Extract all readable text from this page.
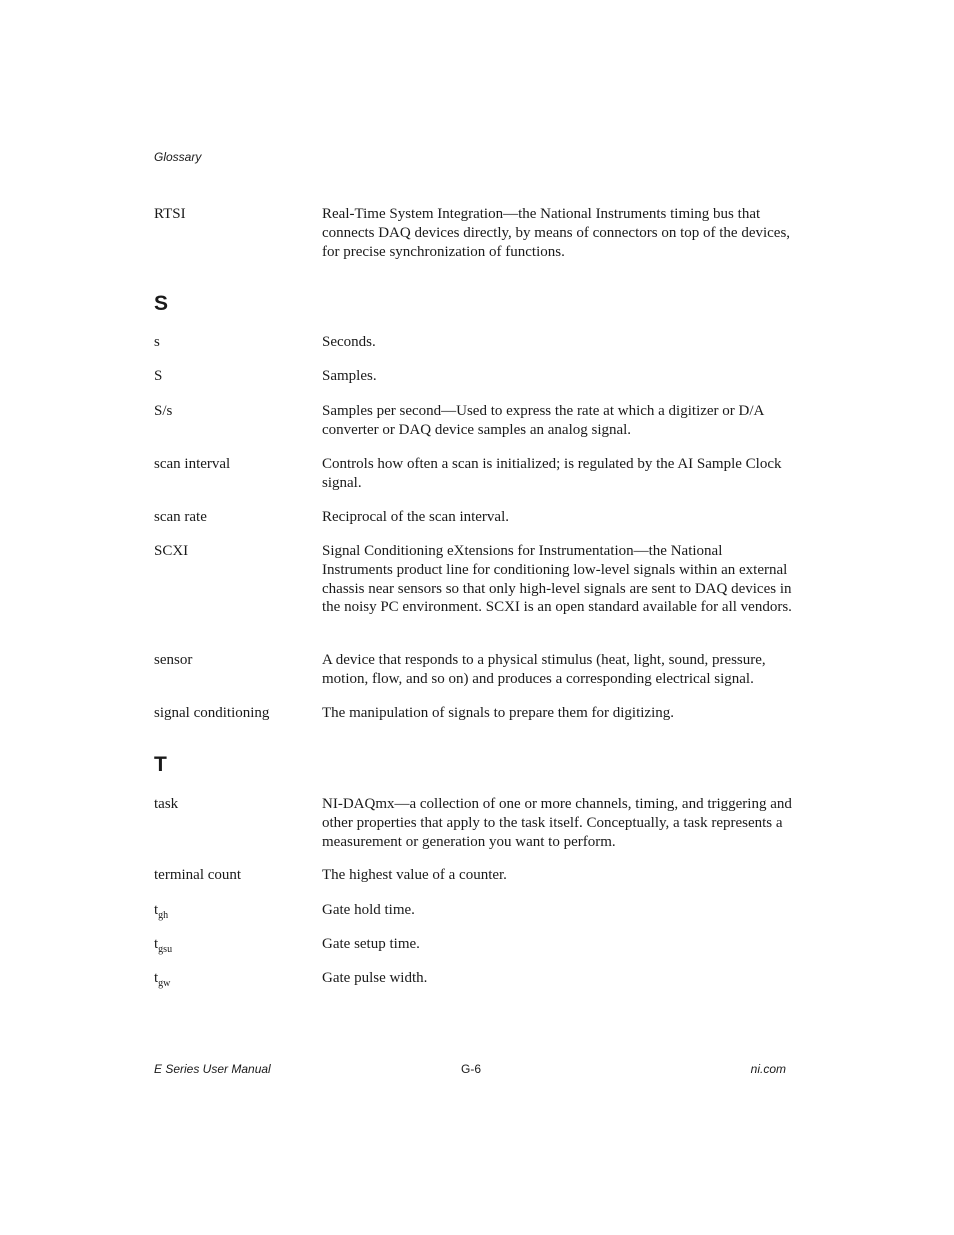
Glossary
RTSI	Real-Time System Integration—the National Instruments timing bus that connects DAQ devices directly, by means of connectors on top of the devices, for precise synchronization of functions.
S
s	Seconds.
S	Samples.
S/s	Samples per second—Used to express the rate at which a digitizer or D/A converter or DAQ device samples an analog signal.
scan interval	Controls how often a scan is initialized; is regulated by the AI Sample Clock signal.
scan rate	Reciprocal of the scan interval.
SCXI	Signal Conditioning eXtensions for Instrumentation—the National Instruments product line for conditioning low-level signals within an external chassis near sensors so that only high-level signals are sent to DAQ devices in the noisy PC environment. SCXI is an open standard available for all vendors.
sensor	A device that responds to a physical stimulus (heat, light, sound, pressure, motion, flow, and so on) and produces a corresponding electrical signal.
signal conditioning	The manipulation of signals to prepare them for digitizing.
T
task	NI-DAQmx—a collection of one or more channels, timing, and triggering and other properties that apply to the task itself. Conceptually, a task represents a measurement or generation you want to perform.
terminal count	The highest value of a counter.
$t_{gh}$	Gate hold time.
$t_{gsu}$	Gate setup time.
$t_{gw}$	Gate pulse width.
E Series User Manual	G-6	ni.com
